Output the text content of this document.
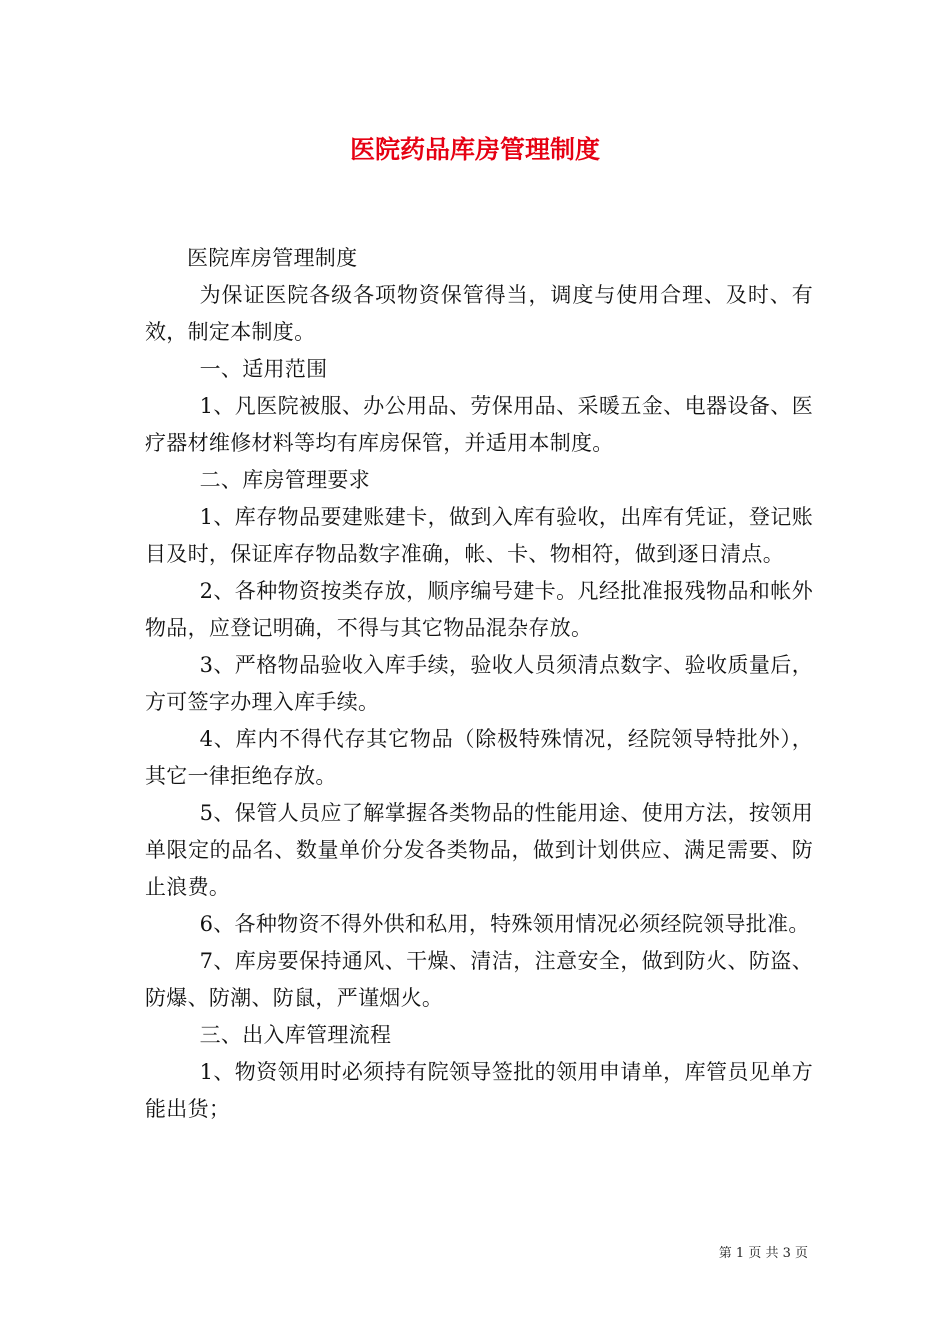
医院药品库房管理制度

医院库房管理制度

为保证医院各级各项物资保管得当，调度与使用合理、及时、有效，制定本制度。

一、适用范围

1、凡医院被服、办公用品、劳保用品、采暖五金、电器设备、医疗器材维修材料等均有库房保管，并适用本制度。

二、库房管理要求

1、库存物品要建账建卡，做到入库有验收，出库有凭证，登记账目及时，保证库存物品数字准确，帐、卡、物相符，做到逐日清点。

2、各种物资按类存放，顺序编号建卡。凡经批准报残物品和帐外物品，应登记明确，不得与其它物品混杂存放。

3、严格物品验收入库手续，验收人员须清点数字、验收质量后，方可签字办理入库手续。

4、库内不得代存其它物品（除极特殊情况，经院领导特批外），其它一律拒绝存放。

5、保管人员应了解掌握各类物品的性能用途、使用方法，按领用单限定的品名、数量单价分发各类物品，做到计划供应、满足需要、防止浪费。

6、各种物资不得外供和私用，特殊领用情况必须经院领导批准。

7、库房要保持通风、干燥、清洁，注意安全，做到防火、防盗、防爆、防潮、防鼠，严谨烟火。

三、出入库管理流程

1、物资领用时必须持有院领导签批的领用申请单，库管员见单方能出货；

第 1 页 共 3 页
